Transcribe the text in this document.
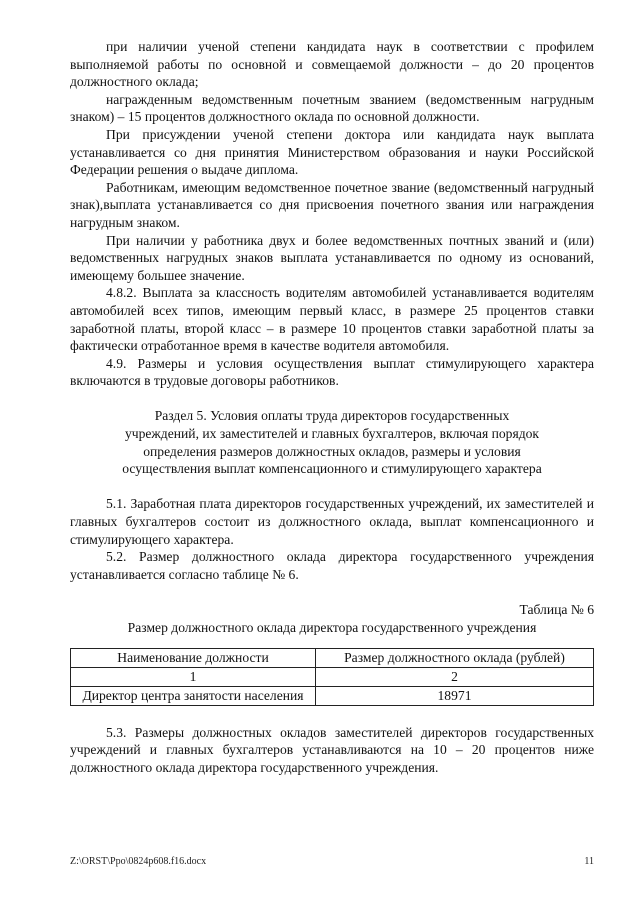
при наличии ученой степени кандидата наук в соответствии с профилем выполняемой работы по основной и совмещаемой должности – до 20 процентов должностного оклада;

награжденным ведомственным почетным званием (ведомственным нагрудным знаком) – 15 процентов должностного оклада по основной должности.

При присуждении ученой степени доктора или кандидата наук выплата устанавливается со дня принятия Министерством образования и науки Российской Федерации решения о выдаче диплома.

Работникам, имеющим ведомственное почетное звание (ведомственный нагрудный знак),выплата устанавливается со дня присвоения почетного звания или награждения нагрудным знаком.

При наличии у работника двух и более ведомственных почтных званий и (или) ведомственных нагрудных знаков выплата устанавливается по одному из оснований, имеющему большее значение.

4.8.2. Выплата за классность водителям автомобилей устанавливается водителям автомобилей всех типов, имеющим первый класс, в размере 25 процентов ставки заработной платы, второй класс – в размере 10 процентов ставки заработной платы за фактически отработанное время в качестве водителя автомобиля.

4.9. Размеры и условия осуществления выплат стимулирующего характера включаются в трудовые договоры работников.

Раздел 5. Условия оплаты труда директоров государственных

учреждений, их заместителей и главных бухгалтеров, включая порядок

определения размеров должностных окладов, размеры и условия

осуществления выплат компенсационного и стимулирующего характера

5.1. Заработная плата директоров государственных учреждений, их заместителей и главных бухгалтеров состоит из должностного оклада, выплат компенсационного и стимулирующего характера.

5.2. Размер должностного оклада директора государственного учреждения устанавливается согласно таблице № 6.

Таблица № 6

Размер должностного оклада директора государственного учреждения

Наименование должности	Размер должностного оклада (рублей)
1	2
Директор центра занятости населения	18971

5.3. Размеры должностных окладов заместителей директоров государственных учреждений и главных бухгалтеров устанавливаются на 10 – 20 процентов ниже должностного оклада директора государственного учреждения.

Z:\ORST\Ppo\0824p608.f16.docx	11
